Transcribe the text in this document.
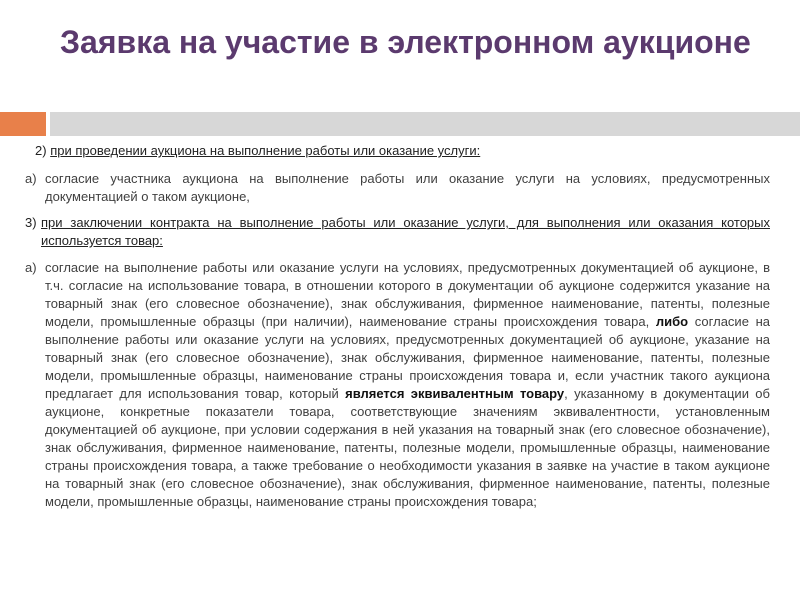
Заявка на участие в электронном аукционе

2) при проведении аукциона на выполнение работы или оказание услуги:

а) согласие участника аукциона на выполнение работы или оказание услуги на условиях, предусмотренных документацией о таком аукционе,
3) при заключении контракта на выполнение работы или оказание услуги, для выполнения или оказания которых используется товар:
а) согласие на выполнение работы или оказание услуги на условиях, предусмотренных документацией об аукционе, в т.ч. согласие на использование товара, в отношении которого в документации об аукционе содержится указание на товарный знак (его словесное обозначение), знак обслуживания, фирменное наименование, патенты, полезные модели, промышленные образцы (при наличии), наименование страны происхождения товара, либо согласие на выполнение работы или оказание услуги на условиях, предусмотренных документацией об аукционе, указание на товарный знак (его словесное обозначение), знак обслуживания, фирменное наименование, патенты, полезные модели, промышленные образцы, наименование страны происхождения товара и, если участник такого аукциона предлагает для использования товар, который является эквивалентным товару, указанному в документации об аукционе, конкретные показатели товара, соответствующие значениям эквивалентности, установленным документацией об аукционе, при условии содержания в ней указания на товарный знак (его словесное обозначение), знак обслуживания, фирменное наименование, патенты, полезные модели, промышленные образцы, наименование страны происхождения товара, а также требование о необходимости указания в заявке на участие в таком аукционе на товарный знак (его словесное обозначение), знак обслуживания, фирменное наименование, патенты, полезные модели, промышленные образцы, наименование страны происхождения товара;
